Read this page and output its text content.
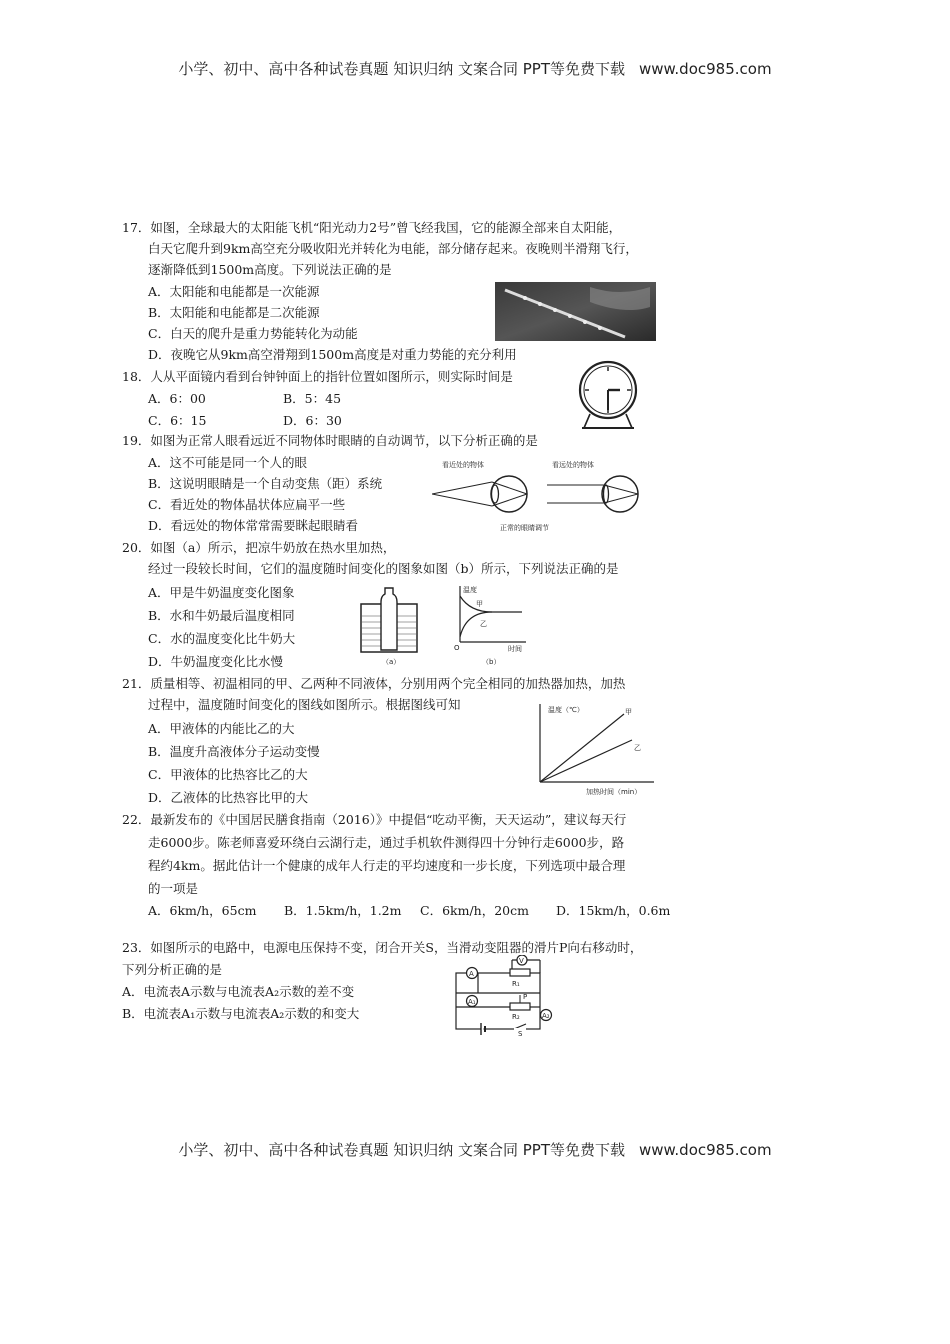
小学、初中、高中各种试卷真题 知识归纳 文案合同 PPT等免费下载 www.doc985.com
17．如图，全球最大的太阳能飞机“阳光动力2号”曾飞经我国，它的能源全部来自太阳能，
白天它爬升到9km高空充分吸收阳光并转化为电能，部分储存起来。夜晚则半滑翔飞行，
逐渐降低到1500m高度。下列说法正确的是
A．太阳能和电能都是一次能源
B．太阳能和电能都是二次能源
C．白天的爬升是重力势能转化为动能
D．夜晚它从9km高空滑翔到1500m高度是对重力势能的充分利用
18．人从平面镜内看到台钟钟面上的指针位置如图所示，则实际时间是
A．6：00	B．5：45
C．6：15	D．6：30
19．如图为正常人眼看远近不同物体时眼睛的自动调节，以下分析正确的是
A．这不可能是同一个人的眼
B．这说明眼睛是一个自动变焦（距）系统
C．看近处的物体晶状体应扁平一些
D．看远处的物体常常需要眯起眼睛看
看近处的物体	看远处的物体
正常的眼睛调节
20．如图（a）所示，把凉牛奶放在热水里加热，
经过一段较长时间，它们的温度随时间变化的图象如图（b）所示，下列说法正确的是
A．甲是牛奶温度变化图象
B．水和牛奶最后温度相同
C．水的温度变化比牛奶大
D．牛奶温度变化比水慢	（a）
温度
时间
O
甲
乙
（b）
21．质量相等、初温相同的甲、乙两种不同液体，分别用两个完全相同的加热器加热，加热
过程中，温度随时间变化的图线如图所示。根据图线可知
A．甲液体的内能比乙的大
B．温度升高液体分子运动变慢
C．甲液体的比热容比乙的大
D．乙液体的比热容比甲的大
温度（℃）
加热时间（min）
甲
乙
22．最新发布的《中国居民膳食指南（2016）》中提倡“吃动平衡，天天运动”，建议每天行
走6000步。陈老师喜爱环绕白云湖行走，通过手机软件测得四十分钟行走6000步，路
程约4km。据此估计一个健康的成年人行走的平均速度和一步长度，下列选项中最合理
的一项是
A．6km/h，65cm B．1.5km/h，1.2m C．6km/h，20cm D．15km/h，0.6m
23．如图所示的电路中，电源电压保持不变，闭合开关S，当滑动变阻器的滑片P向右移动时，
下列分析正确的是
A．电流表A示数与电流表A₂示数的差不变
B．电流表A₁示数与电流表A₂示数的和变大
A
A₁
A₂
V
R₁
R₂
P
S
小学、初中、高中各种试卷真题 知识归纳 文案合同 PPT等免费下载 www.doc985.com
